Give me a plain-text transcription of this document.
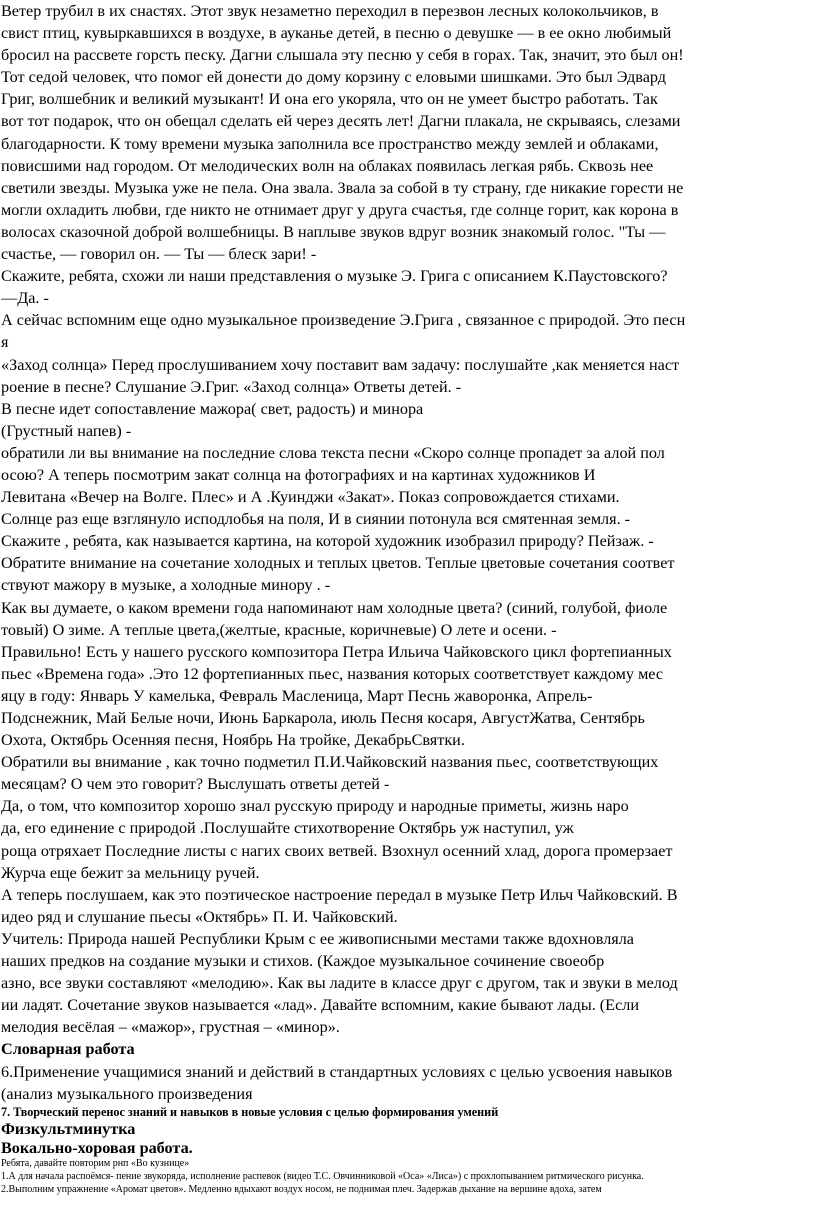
Ветер трубил в их снастях. Этот звук незаметно переходил в перезвон лесных колокольчиков, в

свист птиц, кувыркавшихся в воздухе, в ауканье детей, в песню о девушке — в ее окно любимый

бросил на рассвете горсть песку. Дагни слышала эту песню у себя в горах. Так, значит, это был он!

Тот седой человек, что помог ей донести до дому корзину с еловыми шишками. Это был Эдвард

Григ, волшебник и великий музыкант! И она его укоряла, что он не умеет быстро работать. Так

вот тот подарок, что он обещал сделать ей через десять лет! Дагни плакала, не скрываясь, слезами

благодарности. К тому времени музыка заполнила все пространство между землей и облаками,

повисшими над городом. От мелодических волн на облаках появилась легкая рябь. Сквозь нее

светили звезды. Музыка уже не пела. Она звала. Звала за собой в ту страну, где никакие горести не

могли охладить любви, где никто не отнимает друг у друга счастья, где солнце горит, как корона в

волосах сказочной доброй волшебницы. В наплыве звуков вдруг возник знакомый голос. "Ты —

счастье, — говорил он. — Ты — блеск зари! -

Скажите, ребята, схожи ли наши представления о музыке Э. Грига с описанием К.Паустовского?

—Да. -

А сейчас вспомним еще одно музыкальное произведение Э.Грига , связанное с природой. Это песн

я

«Заход солнца» Перед прослушиванием хочу поставит вам задачу: послушайте ,как меняется наст

роение в песне? Слушание Э.Григ. «Заход солнца» Ответы детей. -

В песне идет сопоставление мажора( свет, радость) и минора

(Грустный напев) -

обратили ли вы внимание на последние слова текста песни «Скоро солнце пропадет за алой пол

осою? А теперь посмотрим закат солнца на фотографиях и на картинах художников И

Левитана «Вечер на Волге. Плес» и А .Куинджи «Закат». Показ сопровождается стихами.

Солнце раз еще взглянуло исподлобья на поля, И в сиянии потонула вся смятенная земля. -

Скажите , ребята, как называется картина, на которой художник изобразил природу? Пейзаж. -

Обратите внимание на сочетание холодных и теплых цветов. Теплые цветовые сочетания соответ

ствуют мажору в музыке, а холодные минору . -

Как вы думаете, о каком времени года напоминают нам холодные цвета? (синий, голубой, фиоле

товый) О зиме. А теплые цвета,(желтые, красные, коричневые) О лете и осени. -

Правильно! Есть у нашего русского композитора Петра Ильича Чайковского цикл фортепианных

пьес «Времена года» .Это 12 фортепианных пьес, названия которых соответствует каждому мес

яцу в году: Январь У камелька, Февраль Масленица, Март Песнь жаворонка, Апрель-

Подснежник, Май Белые ночи, Июнь Баркарола, июль Песня косаря, АвгустЖатва, Сентябрь

Охота, Октябрь Осенняя песня, Ноябрь На тройке, ДекабрьСвятки.

Обратили вы внимание , как точно подметил П.И.Чайковский названия пьес, соответствующих

месяцам? О чем это говорит? Выслушать ответы детей -

Да, о том, что композитор хорошо знал русскую природу и народные приметы, жизнь наро

да, его единение с природой .Послушайте стихотворение Октябрь уж наступил, уж

роща отряхает Последние листы с нагих своих ветвей. Взохнул осенний хлад, дорога промерзает

Журча еще бежит за мельницу ручей.

А теперь послушаем, как это поэтическое настроение передал в музыке Петр Ильч Чайковский. В

идео ряд и слушание пьесы «Октябрь» П. И. Чайковский.

Учитель: Природа нашей Республики Крым с ее живописными местами также вдохновляла

наших предков на создание музыки и стихов. (Каждое музыкальное сочинение своеобр

азно, все звуки составляют «мелодию». Как вы ладите в классе друг с другом, так и звуки в мелод

ии ладят. Сочетание звуков называется «лад». Давайте вспомним, какие бывают лады. (Если

мелодия весёлая – «мажор», грустная – «минор».

Словарная работа

6.Применение учащимися знаний и действий в стандартных условиях с целью усвоения навыков

(анализ музыкального произведения

7. Творческий перенос знаний и навыков в новые условия с целью формирования умений

Физкультминутка

Вокально-хоровая работа.

Ребята, давайте повторим рнп «Во кузнице»

1.А для начала распоёмся- пение звукоряда, исполнение распевок (видео Т.С. Овчинниковой «Оса» «Лиса») с прохлопыванием ритмического рисунка.

2.Выполним упражнение «Аромат цветов». Медленно вдыхают воздух носом, не поднимая плеч. Задержав дыхание на вершине вдоха, затем
